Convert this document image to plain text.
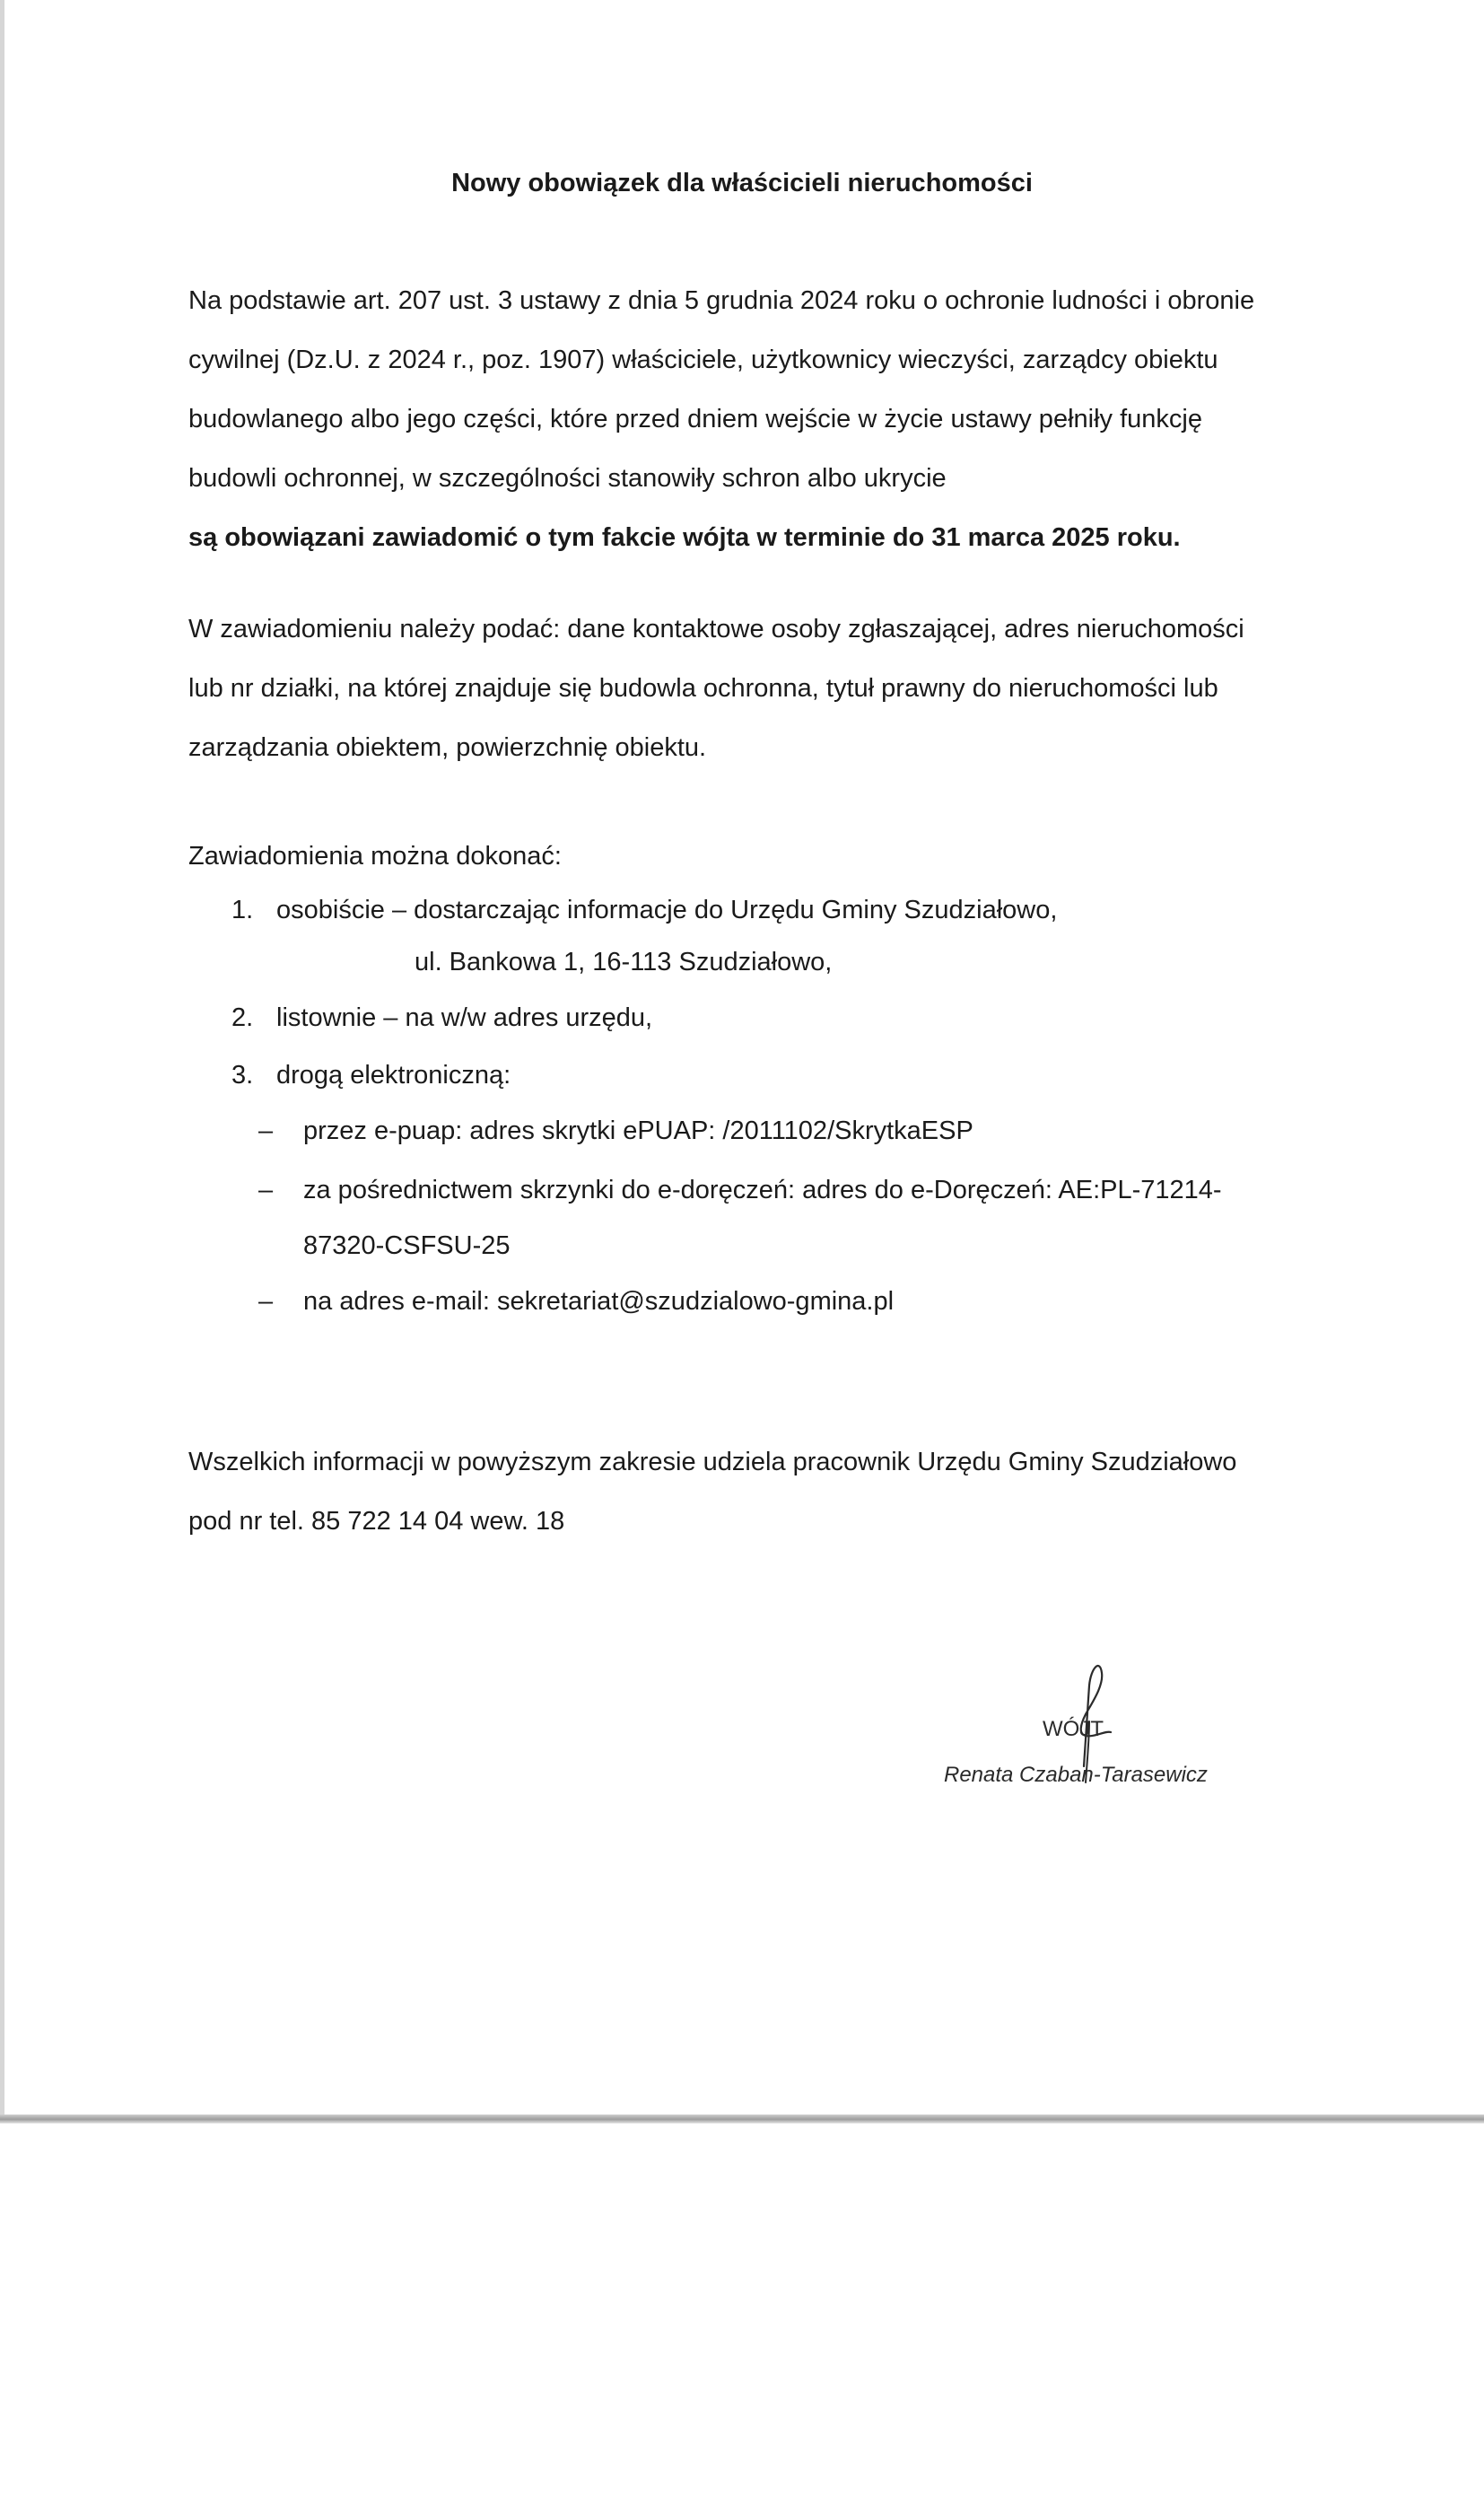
Nowy obowiązek dla właścicieli nieruchomości

Na podstawie art. 207 ust. 3 ustawy z dnia 5 grudnia 2024 roku o ochronie ludności i obronie
cywilnej (Dz.U. z 2024 r., poz. 1907) właściciele, użytkownicy wieczyści, zarządcy obiektu
budowlanego albo jego części, które przed dniem wejście w życie ustawy pełniły funkcję
budowli ochronnej, w szczególności stanowiły schron albo ukrycie
są obowiązani zawiadomić o tym fakcie wójta w terminie do 31 marca 2025 roku.

W zawiadomieniu należy podać: dane kontaktowe osoby zgłaszającej, adres nieruchomości
lub nr działki, na której znajduje się budowla ochronna, tytuł prawny do nieruchomości lub
zarządzania obiektem, powierzchnię obiektu.

Zawiadomienia można dokonać:
1. osobiście – dostarczając informacje do Urzędu Gminy Szudziałowo,
ul. Bankowa 1, 16-113 Szudziałowo,
2. listownie – na w/w adres urzędu,
3. drogą elektroniczną:
– przez e-puap: adres skrytki ePUAP: /2011102/SkrytkaESP
– za pośrednictwem skrzynki do e-doręczeń: adres do e-Doręczeń: AE:PL-71214-
87320-CSFSU-25
– na adres e-mail: sekretariat@szudzialowo-gmina.pl

Wszelkich informacji w powyższym zakresie udziela pracownik Urzędu Gminy Szudziałowo
pod nr tel. 85 722 14 04 wew. 18

WÓJT
Renata Czaban-Tarasewicz
